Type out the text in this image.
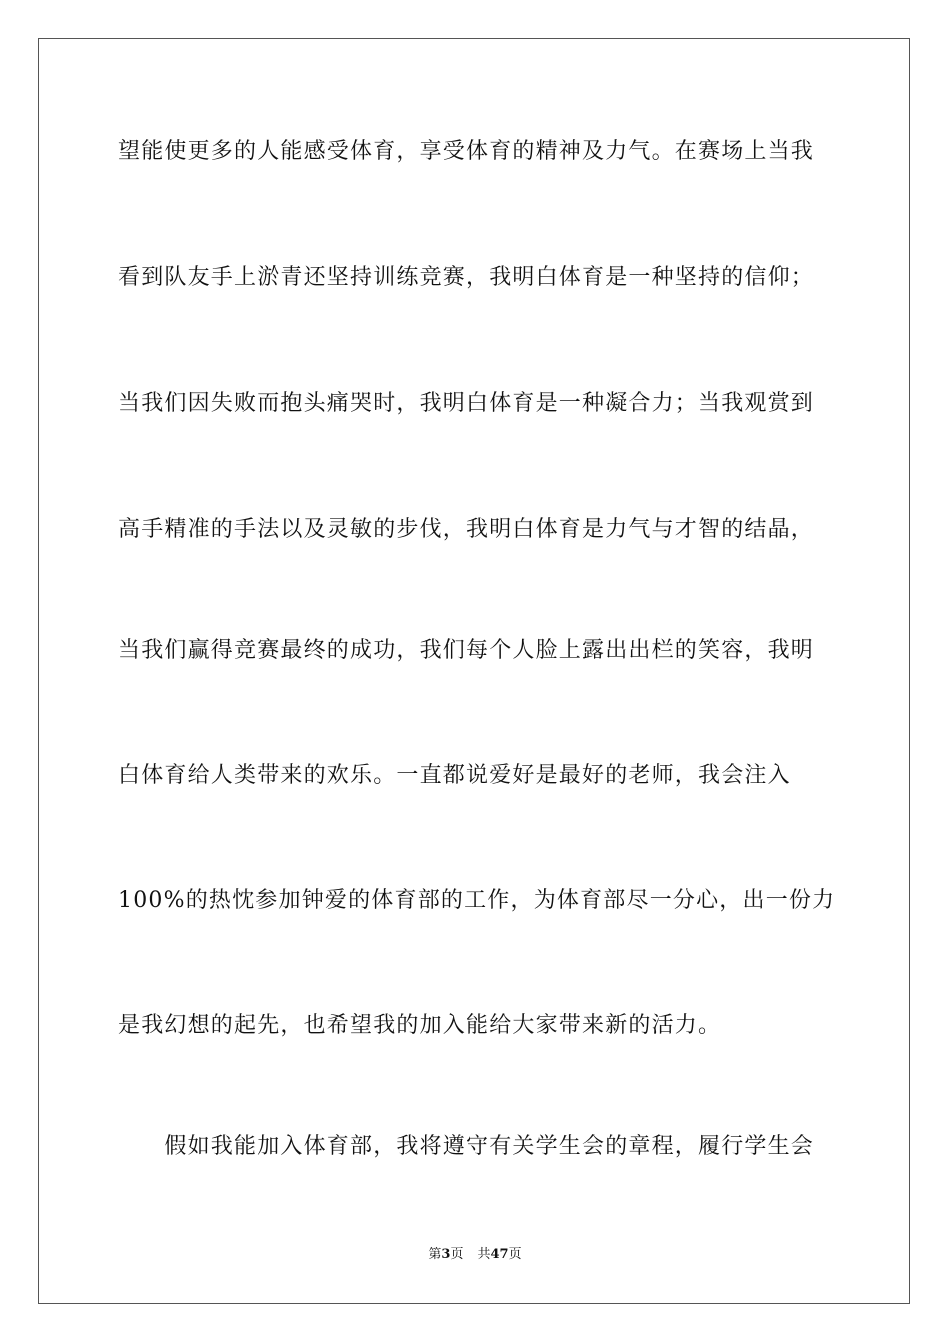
望能使更多的人能感受体育，享受体育的精神及力气。在赛场上当我
看到队友手上淤青还坚持训练竞赛，我明白体育是一种坚持的信仰；
当我们因失败而抱头痛哭时，我明白体育是一种凝合力；当我观赏到
高手精准的手法以及灵敏的步伐，我明白体育是力气与才智的结晶，
当我们赢得竞赛最终的成功，我们每个人脸上露出出栏的笑容，我明
白体育给人类带来的欢乐。一直都说爱好是最好的老师，我会注入
100%的热忱参加钟爱的体育部的工作，为体育部尽一分心，出一份力
是我幻想的起先，也希望我的加入能给大家带来新的活力。
　　假如我能加入体育部，我将遵守有关学生会的章程，履行学生会
第3页 共47页
